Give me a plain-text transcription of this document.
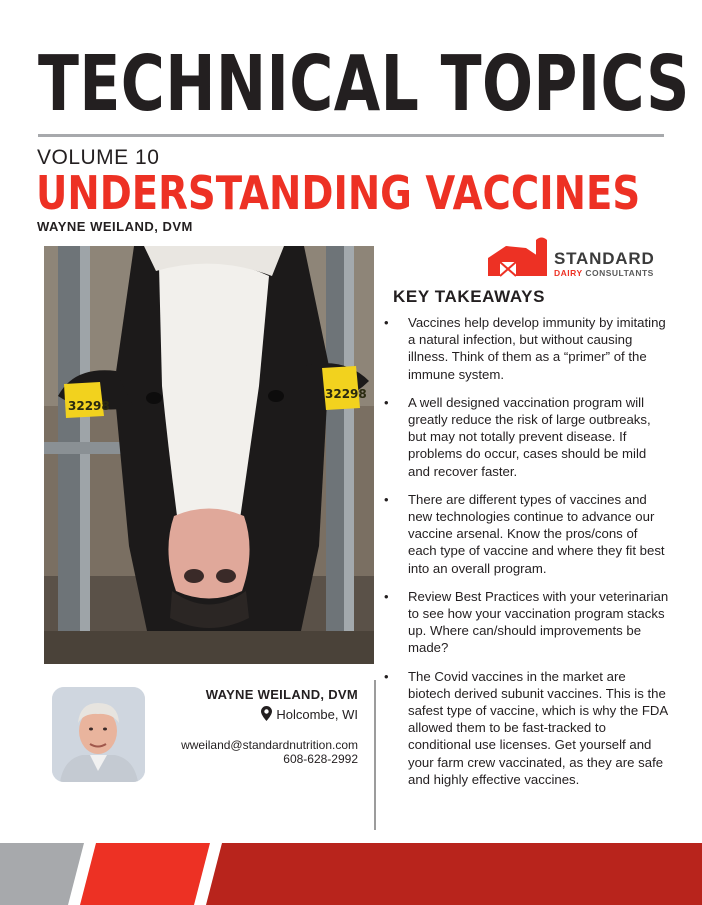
TECHNICAL TOPICS
VOLUME 10
UNDERSTANDING VACCINES
WAYNE WEILAND, DVM
32298
32298
STANDARD
DAIRY CONSULTANTS
KEY TAKEAWAYS
• Vaccines help develop immunity by imitating a natural infection, but without causing illness. Think of them as a “primer” of the immune system.
• A well designed vaccination program will greatly reduce the risk of large outbreaks, but may not totally prevent disease. If problems do occur, cases should be mild and recover faster.
• There are different types of vaccines and new technologies continue to advance our vaccine arsenal. Know the pros/cons of each type of vaccine and where they fit best into an overall program.
• Review Best Practices with your veterinarian to see how your vaccination program stacks up. Where can/should improvements be made?
• The Covid vaccines in the market are biotech derived subunit vaccines. This is the safest type of vaccine, which is why the FDA allowed them to be fast-tracked to conditional use licenses. Get yourself and your farm crew vaccinated, as they are safe and highly effective vaccines.
WAYNE WEILAND, DVM
Holcombe, WI
wweiland@standardnutrition.com
608-628-2992
